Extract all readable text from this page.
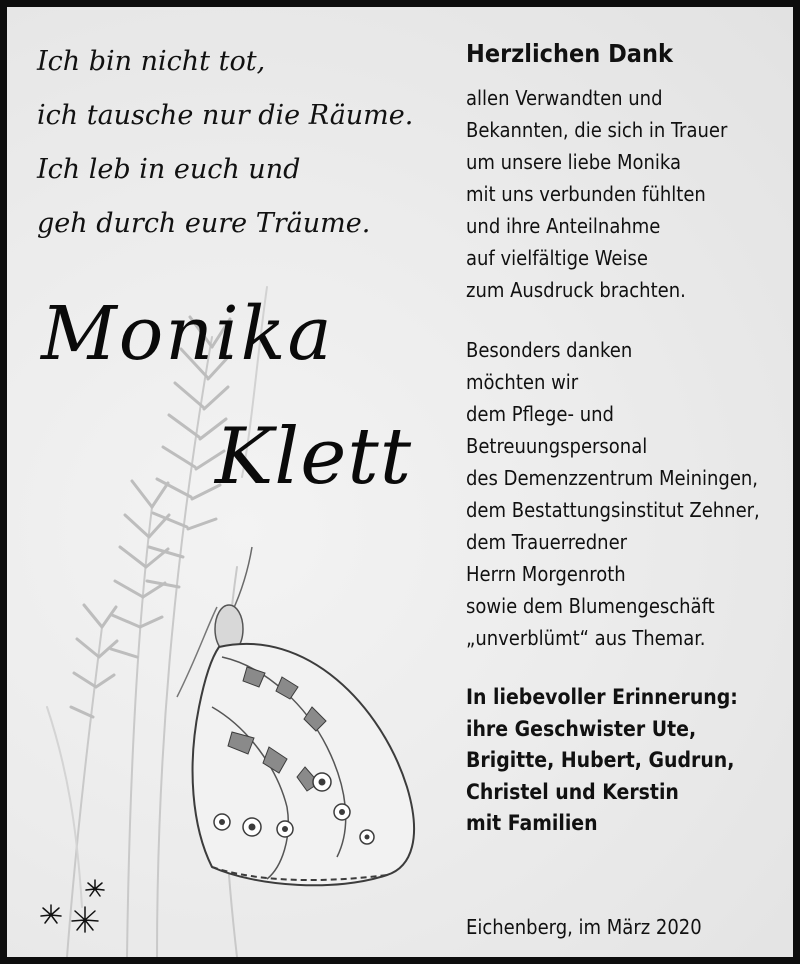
Ich bin nicht tot,
ich tausche nur die Räume.
Ich leb in euch und
geh durch eure Träume.
Monika
Klett
Herzlichen Dank
allen Verwandten und
Bekannten, die sich in Trauer
um unsere liebe Monika
mit uns verbunden fühlten
und ihre Anteilnahme
auf vielfältige Weise
zum Ausdruck brachten.
Besonders danken
möchten wir
dem Pflege- und
Betreuungspersonal
des Demenzzentrum Meiningen,
dem Bestattungsinstitut Zehner,
dem Trauerredner
Herrn Morgenroth
sowie dem Blumengeschäft
„unverblümt“ aus Themar.
In liebevoller Erinnerung:
ihre Geschwister Ute,
Brigitte, Hubert, Gudrun,
Christel und Kerstin
mit Familien
Eichenberg, im März 2020
